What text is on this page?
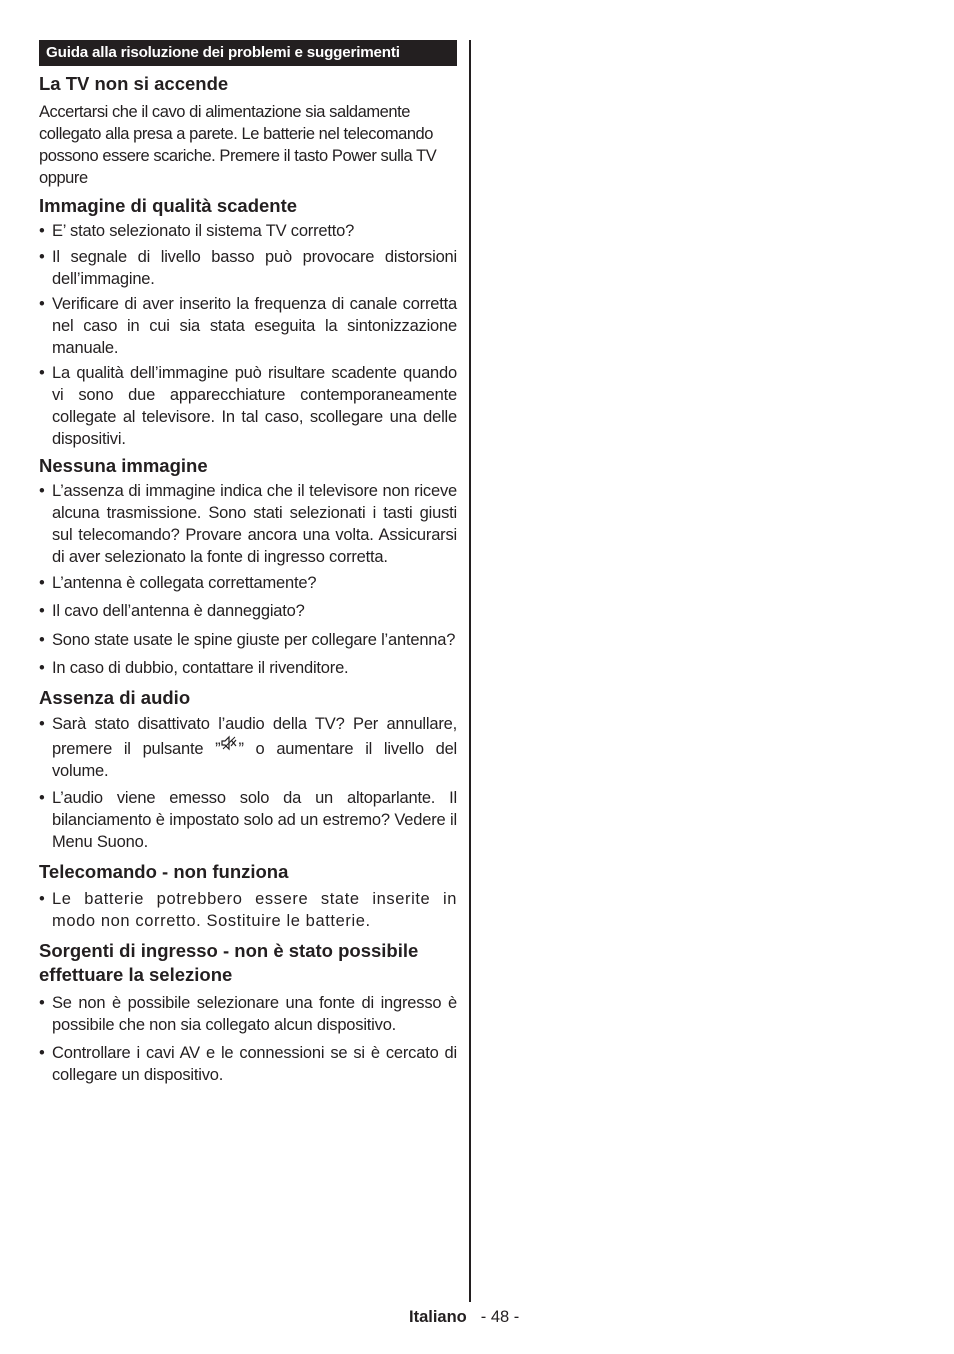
Guida alla risoluzione dei problemi e suggerimenti
La TV non si accende

Accertarsi che il cavo di alimentazione sia saldamente collegato alla presa a parete. Le batterie nel telecomando possono essere scariche. Premere il tasto Power sulla TV oppure

Immagine di qualità scadente
• E’ stato selezionato il sistema TV corretto?
• Il segnale di livello basso può provocare distorsioni dell’immagine.
• Verificare di aver inserito la frequenza di canale corretta nel caso in cui sia stata eseguita la sintonizzazione manuale.
• La qualità dell’immagine può risultare scadente quando vi sono due apparecchiature contemporaneamente collegate al televisore. In tal caso, scollegare una delle dispositivi.
Nessuna immagine
• L’assenza di immagine indica che il televisore non riceve alcuna trasmissione. Sono stati selezionati i tasti giusti sul telecomando? Provare ancora una volta. Assicurarsi di aver selezionato la fonte di ingresso corretta.
• L’antenna è collegata correttamente?
• Il cavo dell’antenna è danneggiato?
• Sono state usate le spine giuste per collegare l’antenna?
• In caso di dubbio, contattare il rivenditore.
Assenza di audio
• Sarà stato disattivato l’audio della TV? Per annullare, premere il pulsante ” ” o aumentare il livello del volume.
• L’audio viene emesso solo da un altoparlante. Il bilanciamento è impostato solo ad un estremo? Vedere il Menu Suono.
Telecomando - non funziona
• Le batterie potrebbero essere state inserite in modo non corretto. Sostituire le batterie.
Sorgenti di ingresso - non è stato possibile effettuare la selezione
• Se non è possibile selezionare una fonte di ingresso è possibile che non sia collegato alcun dispositivo.
• Controllare i cavi AV e le connessioni se si è cercato di collegare un dispositivo.
Italiano - 48 -
